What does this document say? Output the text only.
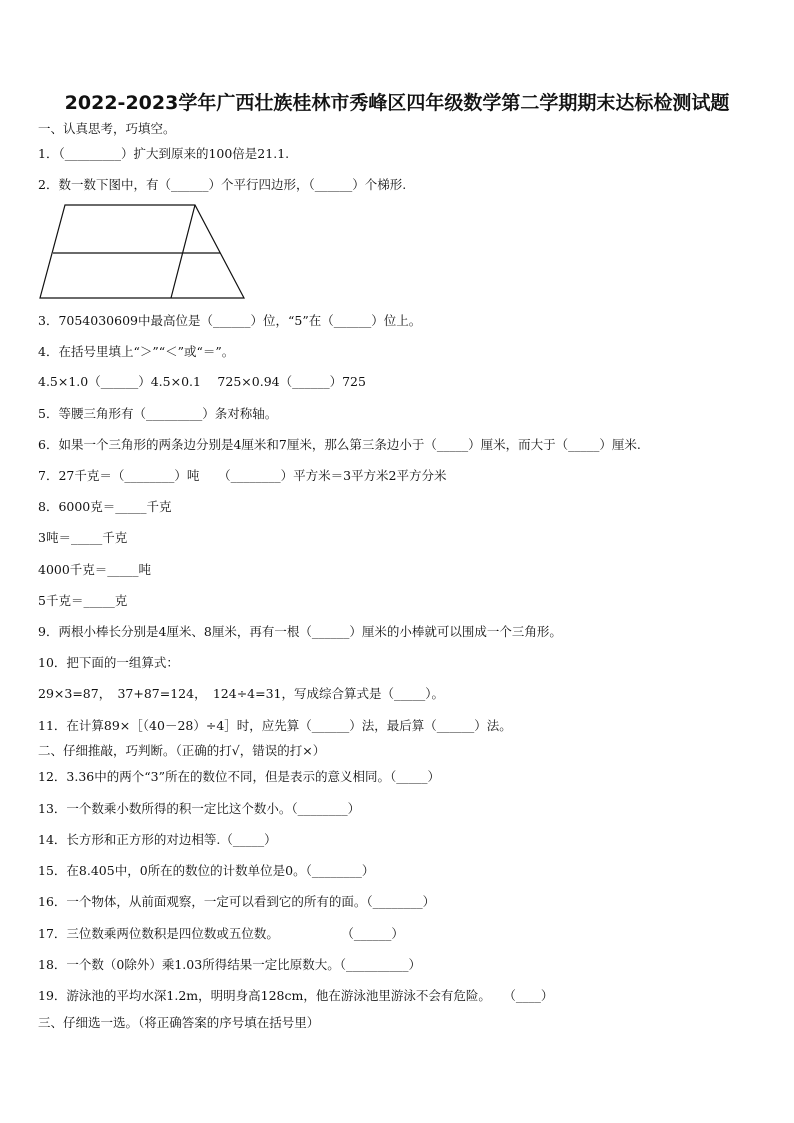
2022-2023学年广西壮族桂林市秀峰区四年级数学第二学期期末达标检测试题
一、认真思考，巧填空。
1．（_________）扩大到原来的100倍是21.1.
2．数一数下图中，有（______）个平行四边形，（______）个梯形.
3．7054030609中最高位是（______）位，“5”在（______）位上。
4．在括号里填上“＞”“＜”或“＝”。
4.5×1.0（______）4.5×0.1　 725×0.94（______）725
5．等腰三角形有（_________）条对称轴。
6．如果一个三角形的两条边分别是4厘米和7厘米，那么第三条边小于（_____）厘米，而大于（_____）厘米.
7．27千克＝（________）吨　　（________）平方米＝3平方米2平方分米
8．6000克＝_____千克
3吨＝_____千克
4000千克＝_____吨
5千克＝_____克
9．两根小棒长分别是4厘米、8厘米，再有一根（______）厘米的小棒就可以围成一个三角形。
10．把下面的一组算式：
29×3=87，　37+87=124，　124÷4=31，写成综合算式是（_____）。
11．在计算89×［（40－28）÷4］时，应先算（______）法，最后算（______）法。
二、仔细推敲，巧判断。（正确的打√，错误的打×）
12．3.36中的两个“3”所在的数位不同，但是表示的意义相同。（_____）
13．一个数乘小数所得的积一定比这个数小。（________）
14．长方形和正方形的对边相等.（_____）
15．在8.405中，0所在的数位的计数单位是0。（________）
16．一个物体，从前面观察，一定可以看到它的所有的面。（________）
17．三位数乘两位数积是四位数或五位数。　　　　　　（______）
18．一个数（0除外）乘1.03所得结果一定比原数大。（__________）
19．游泳池的平均水深1.2m，明明身高128cm，他在游泳池里游泳不会有危险。　　（____）
三、仔细选一选。（将正确答案的序号填在括号里）
